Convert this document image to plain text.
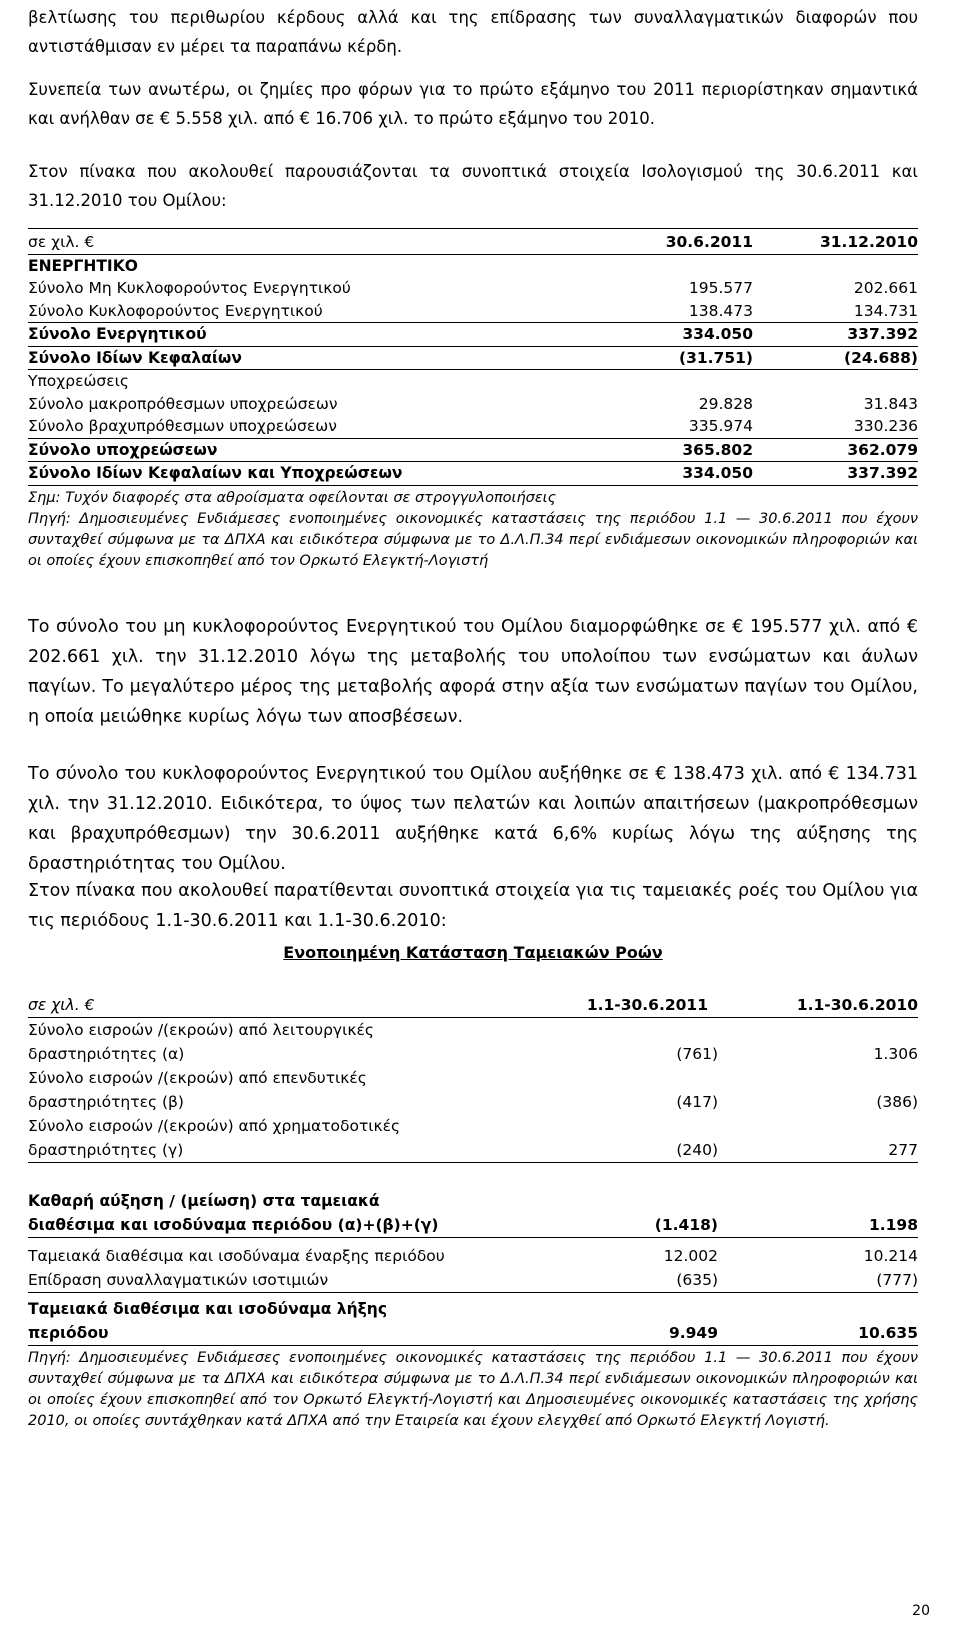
βελτίωσης του περιθωρίου κέρδους αλλά και της επίδρασης των συναλλαγματικών διαφορών που αντιστάθμισαν εν μέρει τα παραπάνω κέρδη.

Συνεπεία των ανωτέρω, οι ζημίες προ φόρων για το πρώτο εξάμηνο του 2011 περιορίστηκαν σημαντικά και ανήλθαν σε € 5.558 χιλ. από € 16.706 χιλ. το πρώτο εξάμηνο του 2010.

Στον πίνακα που ακολουθεί παρουσιάζονται τα συνοπτικά στοιχεία Ισολογισμού της 30.6.2011 και 31.12.2010 του Ομίλου:

σε χιλ. €	30.6.2011	31.12.2010
ΕΝΕΡΓΗΤΙΚΟ
Σύνολο Μη Κυκλοφορούντος Ενεργητικού	195.577	202.661
Σύνολο Κυκλοφορούντος Ενεργητικού	138.473	134.731
Σύνολο Ενεργητικού	334.050	337.392
Σύνολο Ιδίων Κεφαλαίων	(31.751)	(24.688)
Υποχρεώσεις
Σύνολο μακροπρόθεσμων υποχρεώσεων	29.828	31.843
Σύνολο βραχυπρόθεσμων υποχρεώσεων	335.974	330.236
Σύνολο υποχρεώσεων	365.802	362.079
Σύνολο Ιδίων Κεφαλαίων και Υποχρεώσεων	334.050	337.392

Σημ: Τυχόν διαφορές στα αθροίσματα οφείλονται σε στρογγυλοποιήσεις

Πηγή: Δημοσιευμένες Ενδιάμεσες ενοποιημένες οικονομικές καταστάσεις της περιόδου 1.1 — 30.6.2011 που έχουν συνταχθεί σύμφωνα με τα ΔΠΧΑ και ειδικότερα σύμφωνα με το Δ.Λ.Π.34 περί ενδιάμεσων οικονομικών πληροφοριών και οι οποίες έχουν επισκοπηθεί από τον Ορκωτό Ελεγκτή-Λογιστή

Το σύνολο του μη κυκλοφορούντος Ενεργητικού του Ομίλου διαμορφώθηκε σε € 195.577 χιλ. από € 202.661 χιλ. την 31.12.2010 λόγω της μεταβολής του υπολοίπου των ενσώματων και άυλων παγίων. Το μεγαλύτερο μέρος της μεταβολής αφορά στην αξία των ενσώματων παγίων του Ομίλου, η οποία μειώθηκε κυρίως λόγω των αποσβέσεων.

Το σύνολο του κυκλοφορούντος Ενεργητικού του Ομίλου αυξήθηκε σε € 138.473 χιλ. από € 134.731 χιλ. την 31.12.2010. Ειδικότερα, το ύψος των πελατών και λοιπών απαιτήσεων (μακροπρόθεσμων και βραχυπρόθεσμων) την 30.6.2011 αυξήθηκε κατά 6,6% κυρίως λόγω της αύξησης της δραστηριότητας του Ομίλου.

Στον πίνακα που ακολουθεί παρατίθενται συνοπτικά στοιχεία για τις ταμειακές ροές του Ομίλου για τις περιόδους 1.1-30.6.2011 και 1.1-30.6.2010:

Ενοποιημένη Κατάσταση Ταμειακών Ροών
σε χιλ. €	1.1-30.6.2011	1.1-30.6.2010
Σύνολο εισροών /(εκροών) από λειτουργικές δραστηριότητες (α)	(761)	1.306
Σύνολο εισροών /(εκροών) από επενδυτικές δραστηριότητες (β)	(417)	(386)
Σύνολο εισροών /(εκροών) από χρηματοδοτικές δραστηριότητες (γ)	(240)	277
Καθαρή αύξηση / (μείωση) στα ταμειακά διαθέσιμα και ισοδύναμα περιόδου (α)+(β)+(γ)	(1.418)	1.198
Ταμειακά διαθέσιμα και ισοδύναμα έναρξης περιόδου	12.002	10.214
Επίδραση συναλλαγματικών ισοτιμιών	(635)	(777)
Ταμειακά διαθέσιμα και ισοδύναμα λήξης περιόδου	9.949	10.635

Πηγή: Δημοσιευμένες Ενδιάμεσες ενοποιημένες οικονομικές καταστάσεις της περιόδου 1.1 — 30.6.2011 που έχουν συνταχθεί σύμφωνα με τα ΔΠΧΑ και ειδικότερα σύμφωνα με το Δ.Λ.Π.34 περί ενδιάμεσων οικονομικών πληροφοριών και οι οποίες έχουν επισκοπηθεί από τον Ορκωτό Ελεγκτή-Λογιστή και Δημοσιευμένες οικονομικές καταστάσεις της χρήσης 2010, οι οποίες συντάχθηκαν κατά ΔΠΧΑ από την Εταιρεία και έχουν ελεγχθεί από Ορκωτό Ελεγκτή Λογιστή.

20
